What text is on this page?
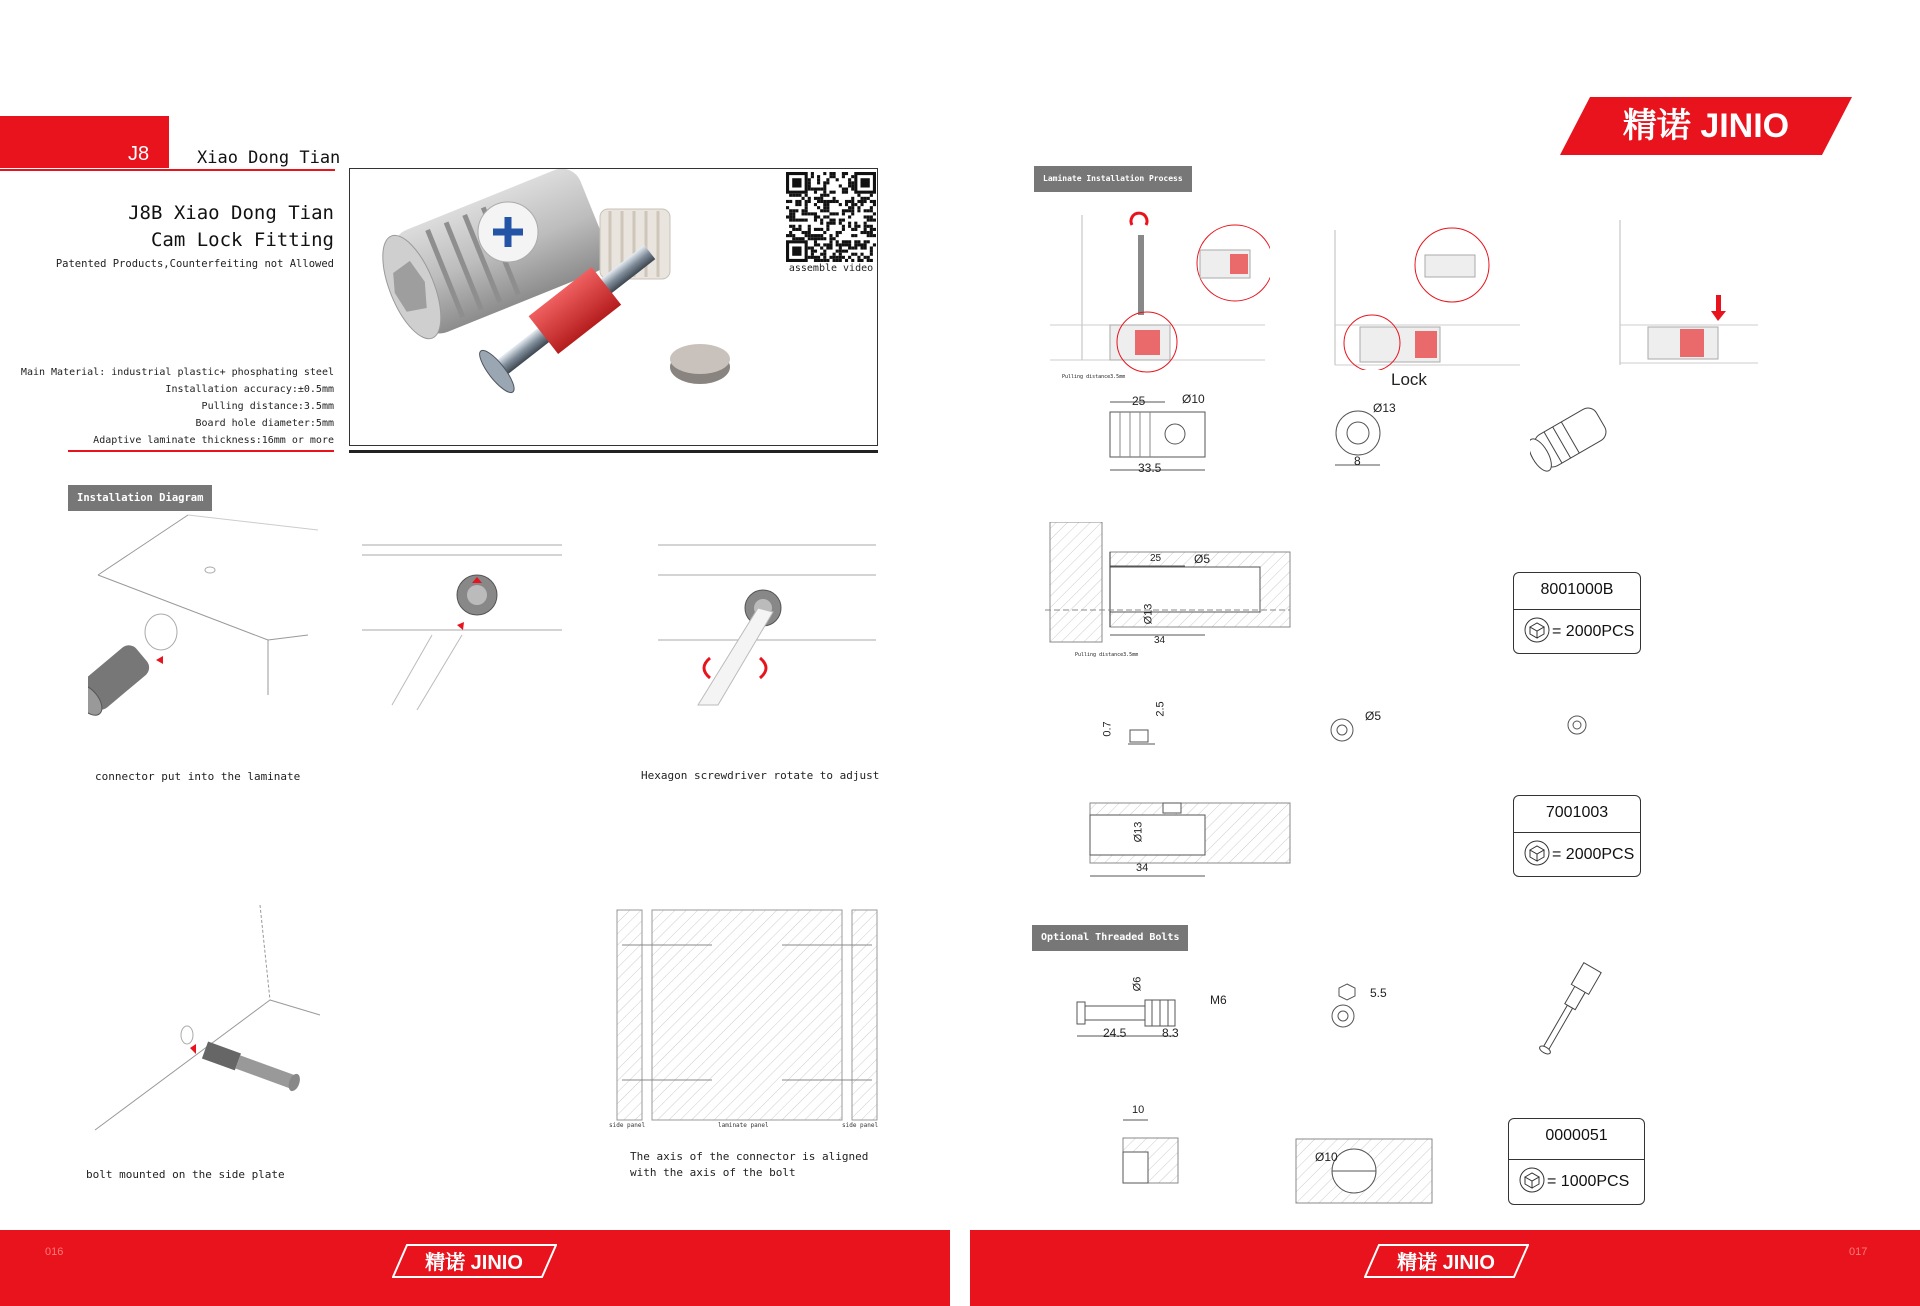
J8	Xiao Dong Tian
J8B Xiao Dong Tian
Cam Lock Fitting
Patented Products,Counterfeiting not Allowed
Main Material: industrial plastic+ phosphating steel
Installation accuracy:±0.5mm
Pulling distance:3.5mm
Board hole diameter:5mm
Adaptive laminate thickness:16mm or more
assemble video
Installation Diagram
connector put into the laminate	Hexagon screwdriver rotate to adjust
side panel	laminate panel	side panel
bolt mounted on the side plate
The axis of the connector is aligned
with the axis of the bolt
精诺 JINIO
Laminate Installation Process
Pulling distance3.5mm	Lock
25	Ø10
33.5
Ø13
8
25	Ø5
Ø13
34
Pulling distance3.5mm
8001000B
= 2000PCS
0.7
2.5	Ø5
Ø13
34
7001003
= 2000PCS
Optional Threaded Bolts
Ø6
M6
24.5	8.3
5.5
10
Ø10
0000051
= 1000PCS
016	017
精诺 JINIO	精诺 JINIO
